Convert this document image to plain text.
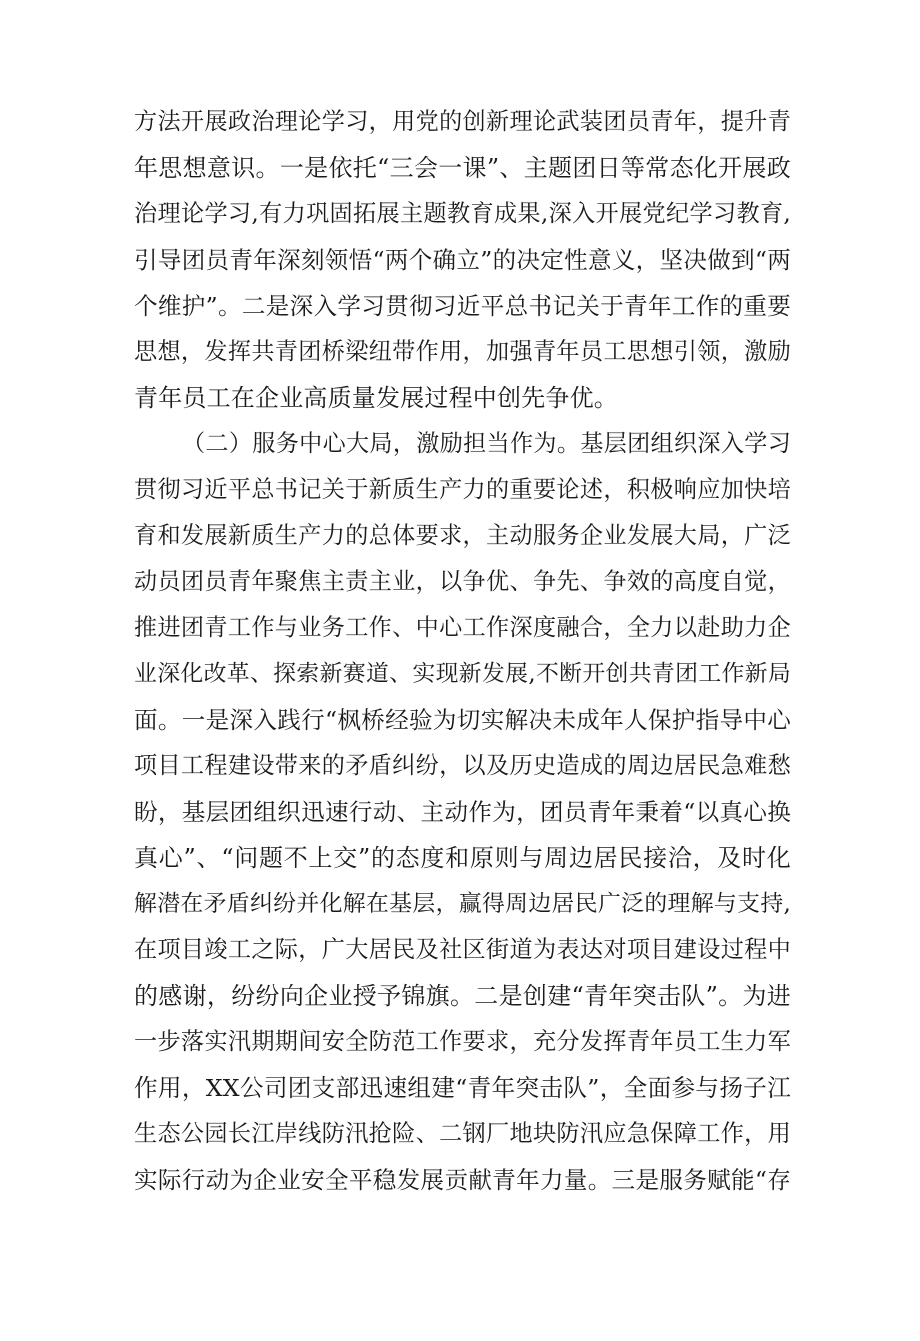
方法开展政治理论学习，用党的创新理论武装团员青年，提升青
年思想意识。一是依托“三会一课”、主题团日等常态化开展政
治理论学习,有力巩固拓展主题教育成果,深入开展党纪学习教育,
引导团员青年深刻领悟“两个确立”的决定性意义，坚决做到“两
个维护”。二是深入学习贯彻习近平总书记关于青年工作的重要
思想，发挥共青团桥梁纽带作用，加强青年员工思想引领，激励
青年员工在企业高质量发展过程中创先争优。
（二）服务中心大局，激励担当作为。基层团组织深入学习
贯彻习近平总书记关于新质生产力的重要论述，积极响应加快培
育和发展新质生产力的总体要求，主动服务企业发展大局，广泛
动员团员青年聚焦主责主业，以争优、争先、争效的高度自觉，
推进团青工作与业务工作、中心工作深度融合，全力以赴助力企
业深化改革、探索新赛道、实现新发展,不断开创共青团工作新局
面。一是深入践行“枫桥经验为切实解决未成年人保护指导中心
项目工程建设带来的矛盾纠纷，以及历史造成的周边居民急难愁
盼，基层团组织迅速行动、主动作为，团员青年秉着“以真心换
真心”、“问题不上交”的态度和原则与周边居民接洽，及时化
解潜在矛盾纠纷并化解在基层，赢得周边居民广泛的理解与支持,
在项目竣工之际，广大居民及社区街道为表达对项目建设过程中
的感谢，纷纷向企业授予锦旗。二是创建“青年突击队”。为进
一步落实汛期期间安全防范工作要求，充分发挥青年员工生力军
作用，XX公司团支部迅速组建“青年突击队”，全面参与扬子江
生态公园长江岸线防汛抢险、二钢厂地块防汛应急保障工作，用
实际行动为企业安全平稳发展贡献青年力量。三是服务赋能“存
